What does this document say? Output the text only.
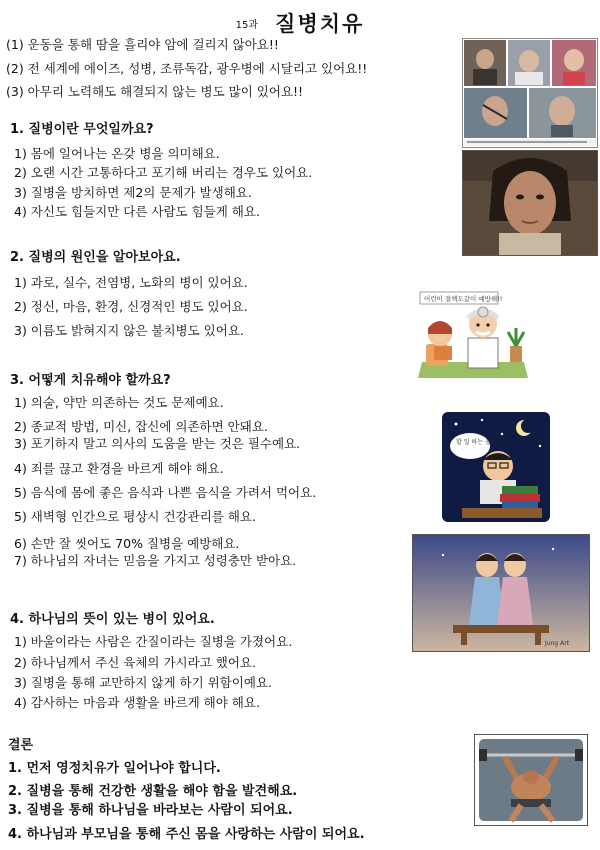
15과 질병치유
(1) 운동을 통해 땀을 흘리야 암에 걸리지 않아요!!
(2) 전 세계에 에이즈, 성병, 조류독감, 광우병에 시달리고 있어요!!
(3) 아무리 노력해도 해결되지 않는 병도 많이 있어요!!
1. 질병이란 무엇일까요?
1) 몸에 일어나는 온갖 병을 의미해요.
2) 오랜 시간 고통하다고 포기해 버리는 경우도 있어요.
3) 질병을 방치하면 제2의 문제가 발생해요.
4) 자신도 힘들지만 다른 사람도 힘들게 해요.
2. 질병의 원인을 알아보아요.
1) 과로, 실수, 전염병, 노화의 병이 있어요.
2) 정신, 마음, 환경, 신경적인 병도 있어요.
3) 이름도 밝혀지지 않은 불치병도 있어요.
3. 어떻게 치유해야 할까요?
1) 의술, 약만 의존하는 것도 문제예요.
2) 종교적 방법, 미신, 잡신에 의존하면 안돼요.
3) 포기하지 말고 의사의 도움을 받는 것은 필수예요.
4) 죄를 끊고 환경을 바르게 해야 해요.
5) 음식에 몸에 좋은 음식과 나쁜 음식을 가려서 먹어요.
5) 새벽형 인간으로 평상시 건강관리를 해요.
6) 손만 잘 씻어도 70% 질병을 예방해요.
7) 하나님의 자녀는 믿음을 가지고 성령충만 받아요.
4. 하나님의 뜻이 있는 병이 있어요.
1) 바울이라는 사람은 간질이라는 질병을 가졌어요.
2) 하나님께서 주신 육체의 가시라고 했어요.
3) 질병을 통해 교만하지 않게 하기 위함이예요.
4) 감사하는 마음과 생활을 바르게 해야 해요.
결론
1. 먼저 영정치유가 일어나야 합니다.
2. 질병을 통해 건강한 생활을 해야 함을 발견해요.
3. 질병을 통해 하나님을 바라보는 사람이 되어요.
4. 하나님과 부모님을 통해 주신 몸을 사랑하는 사람이 되어요.
어린이 결핵도같이 예방해!!
할 일 하는 공부중...
Jung Art
